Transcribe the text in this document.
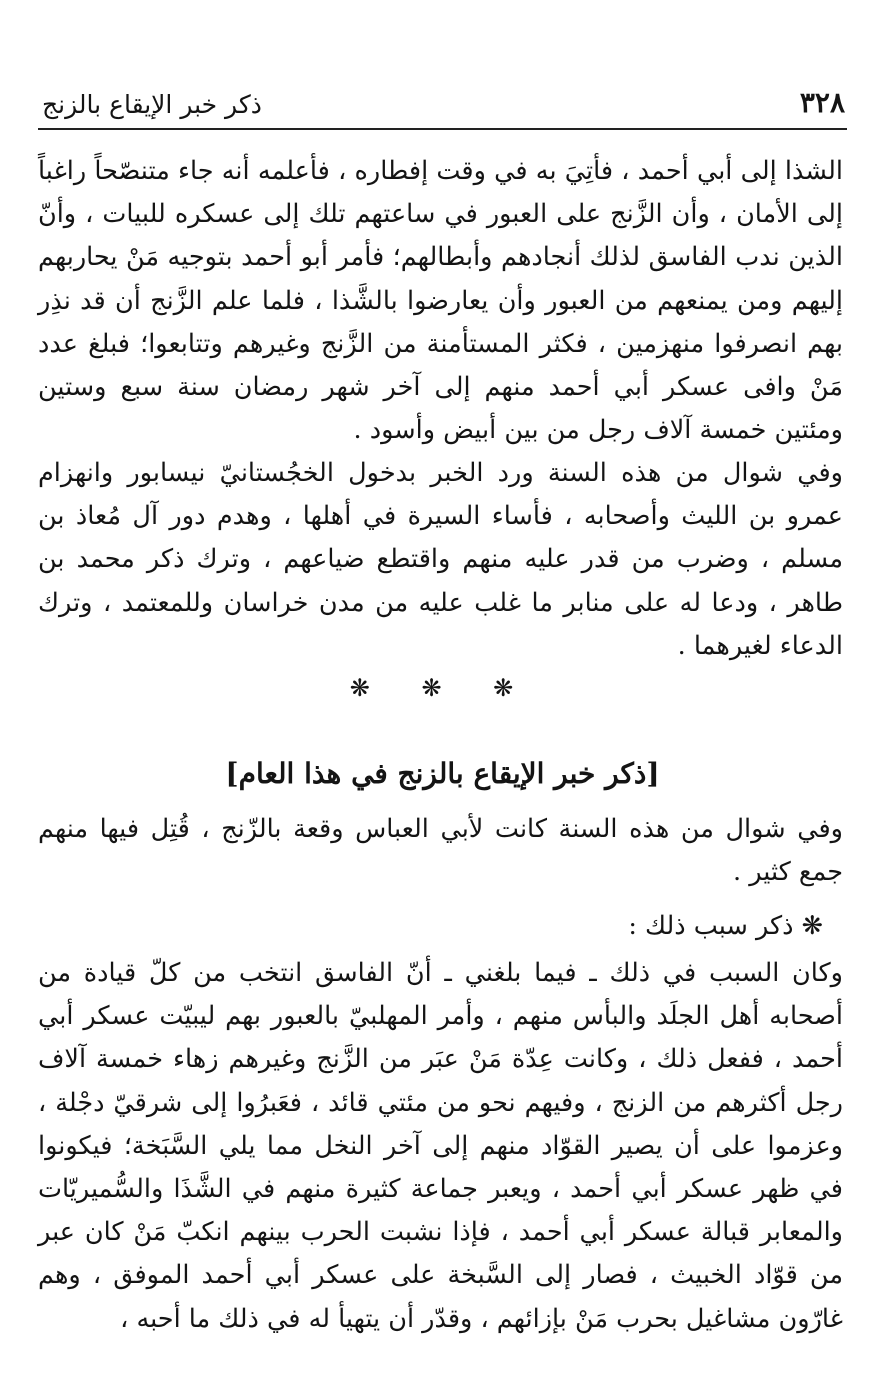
٣٢٨
ذكر خبر الإيقاع بالزنج

الشذا إلى أبي أحمد ، فأتِيَ به في وقت إفطاره ، فأعلمه أنه جاء متنصّحاً راغباً إلى الأمان ، وأن الزَّنج على العبور في ساعتهم تلك إلى عسكره للبيات ، وأنّ الذين ندب الفاسق لذلك أنجادهم وأبطالهم؛ فأمر أبو أحمد بتوجيه مَنْ يحاربهم إليهم ومن يمنعهم من العبور وأن يعارضوا بالشَّذا ، فلما علم الزَّنج أن قد نذِر بهم انصرفوا منهزمين ، فكثر المستأمنة من الزَّنج وغيرهم وتتابعوا؛ فبلغ عدد مَنْ وافى عسكر أبي أحمد منهم إلى آخر شهر رمضان سنة سبع وستين ومئتين خمسة آلاف رجل من بين أبيض وأسود .

وفي شوال من هذه السنة ورد الخبر بدخول الخجُستانيّ نيسابور وانهزام عمرو بن الليث وأصحابه ، فأساء السيرة في أهلها ، وهدم دور آل مُعاذ بن مسلم ، وضرب من قدر عليه منهم واقتطع ضياعهم ، وترك ذكر محمد بن طاهر ، ودعا له على منابر ما غلب عليه من مدن خراسان وللمعتمد ، وترك الدعاء لغيرهما .

❋ ❋ ❋
[ذكر خبر الإيقاع بالزنج في هذا العام]

وفي شوال من هذه السنة كانت لأبي العباس وقعة بالزّنج ، قُتِل فيها منهم جمع كثير .

❋ ذكر سبب ذلك :

وكان السبب في ذلك ـ فيما بلغني ـ أنّ الفاسق انتخب من كلّ قيادة من أصحابه أهل الجلَد والبأس منهم ، وأمر المهلبيّ بالعبور بهم ليبيّت عسكر أبي أحمد ، ففعل ذلك ، وكانت عِدّة مَنْ عبَر من الزَّنج وغيرهم زهاء خمسة آلاف رجل أكثرهم من الزنج ، وفيهم نحو من مئتي قائد ، فعَبرُوا إلى شرقيّ دجْلة ، وعزموا على أن يصير القوّاد منهم إلى آخر النخل مما يلي السَّبَخة؛ فيكونوا في ظهر عسكر أبي أحمد ، ويعبر جماعة كثيرة منهم في الشَّذَا والسُّميريّات والمعابر قبالة عسكر أبي أحمد ، فإذا نشبت الحرب بينهم انكبّ مَنْ كان عبر من قوّاد الخبيث ، فصار إلى السَّبخة على عسكر أبي أحمد الموفق ، وهم غارّون مشاغيل بحرب مَنْ بإزائهم ، وقدّر أن يتهيأ له في ذلك ما أحبه ،
